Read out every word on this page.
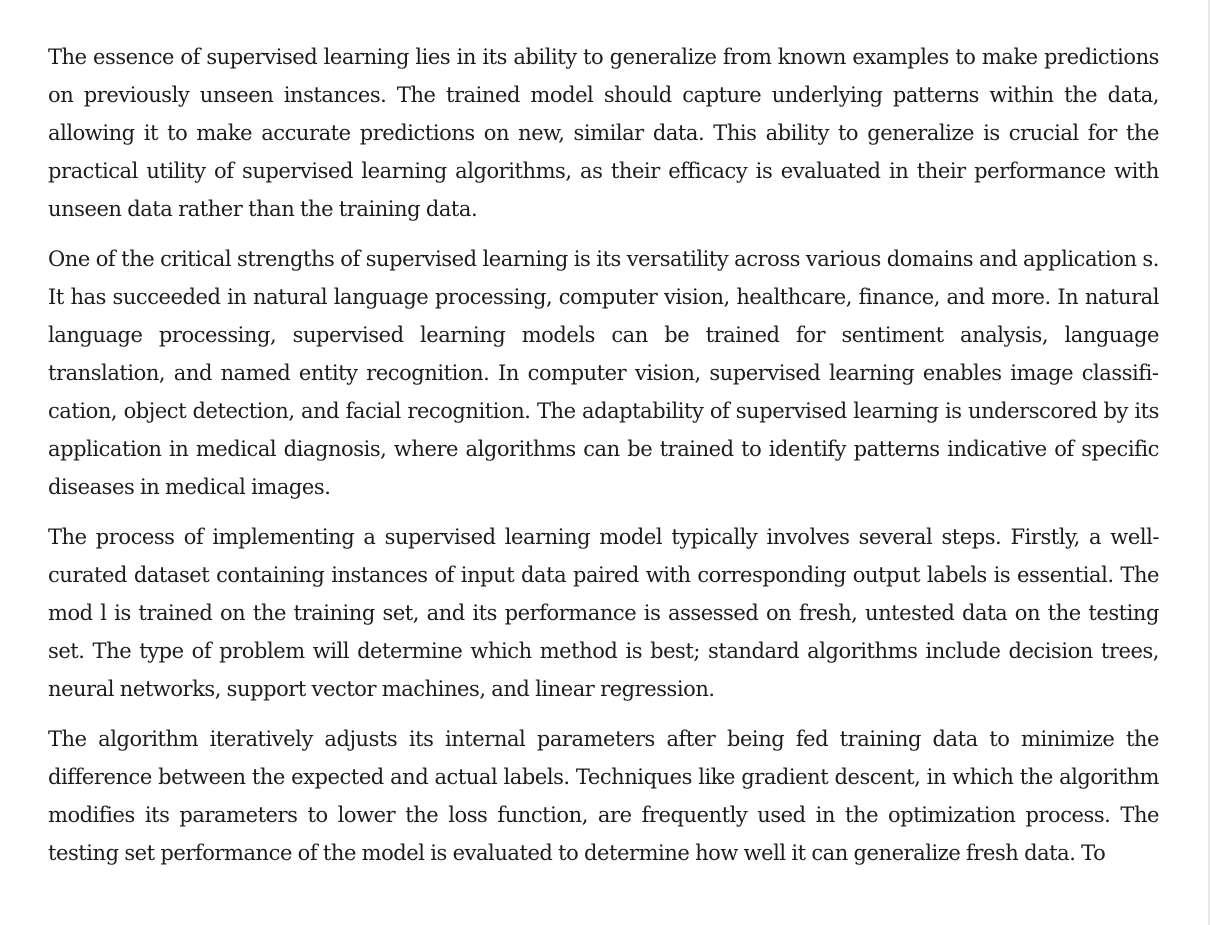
The essence of supervised learning lies in its ability to generalize from known examples to make predictions on previously unseen instances. The trained model should capture underlying patterns within the data, allowing it to make accurate predictions on new, similar data. This ability to generalize is crucial for the practical utility of supervised learning algorithms, as their efficacy is evaluated in their performance with unseen data rather than the training data.

One of the critical strengths of supervised learning is its versatility across various domains and application s. It has succeeded in natural language processing, computer vision, healthcare, finance, and more. In natural language processing, supervised learning models can be trained for sentiment analysis, language translation, and named entity recognition. In computer vision, supervised learning enables image classification, object detection, and facial recognition. The adaptability of supervised learning is underscored by its application in medical diagnosis, where algorithms can be trained to identify patterns indicative of specific diseases in medical images.

The process of implementing a supervised learning model typically involves several steps. Firstly, a well-curated dataset containing instances of input data paired with corresponding output labels is essential. The mod l is trained on the training set, and its performance is assessed on fresh, untested data on the testing set. The type of problem will determine which method is best; standard algorithms include decision trees, neural networks, support vector machines, and linear regression.

The algorithm iteratively adjusts its internal parameters after being fed training data to minimize the difference between the expected and actual labels. Techniques like gradient descent, in which the algorithm modifies its parameters to lower the loss function, are frequently used in the optimization process. The testing set performance of the model is evaluated to determine how well it can generalize fresh data. To
